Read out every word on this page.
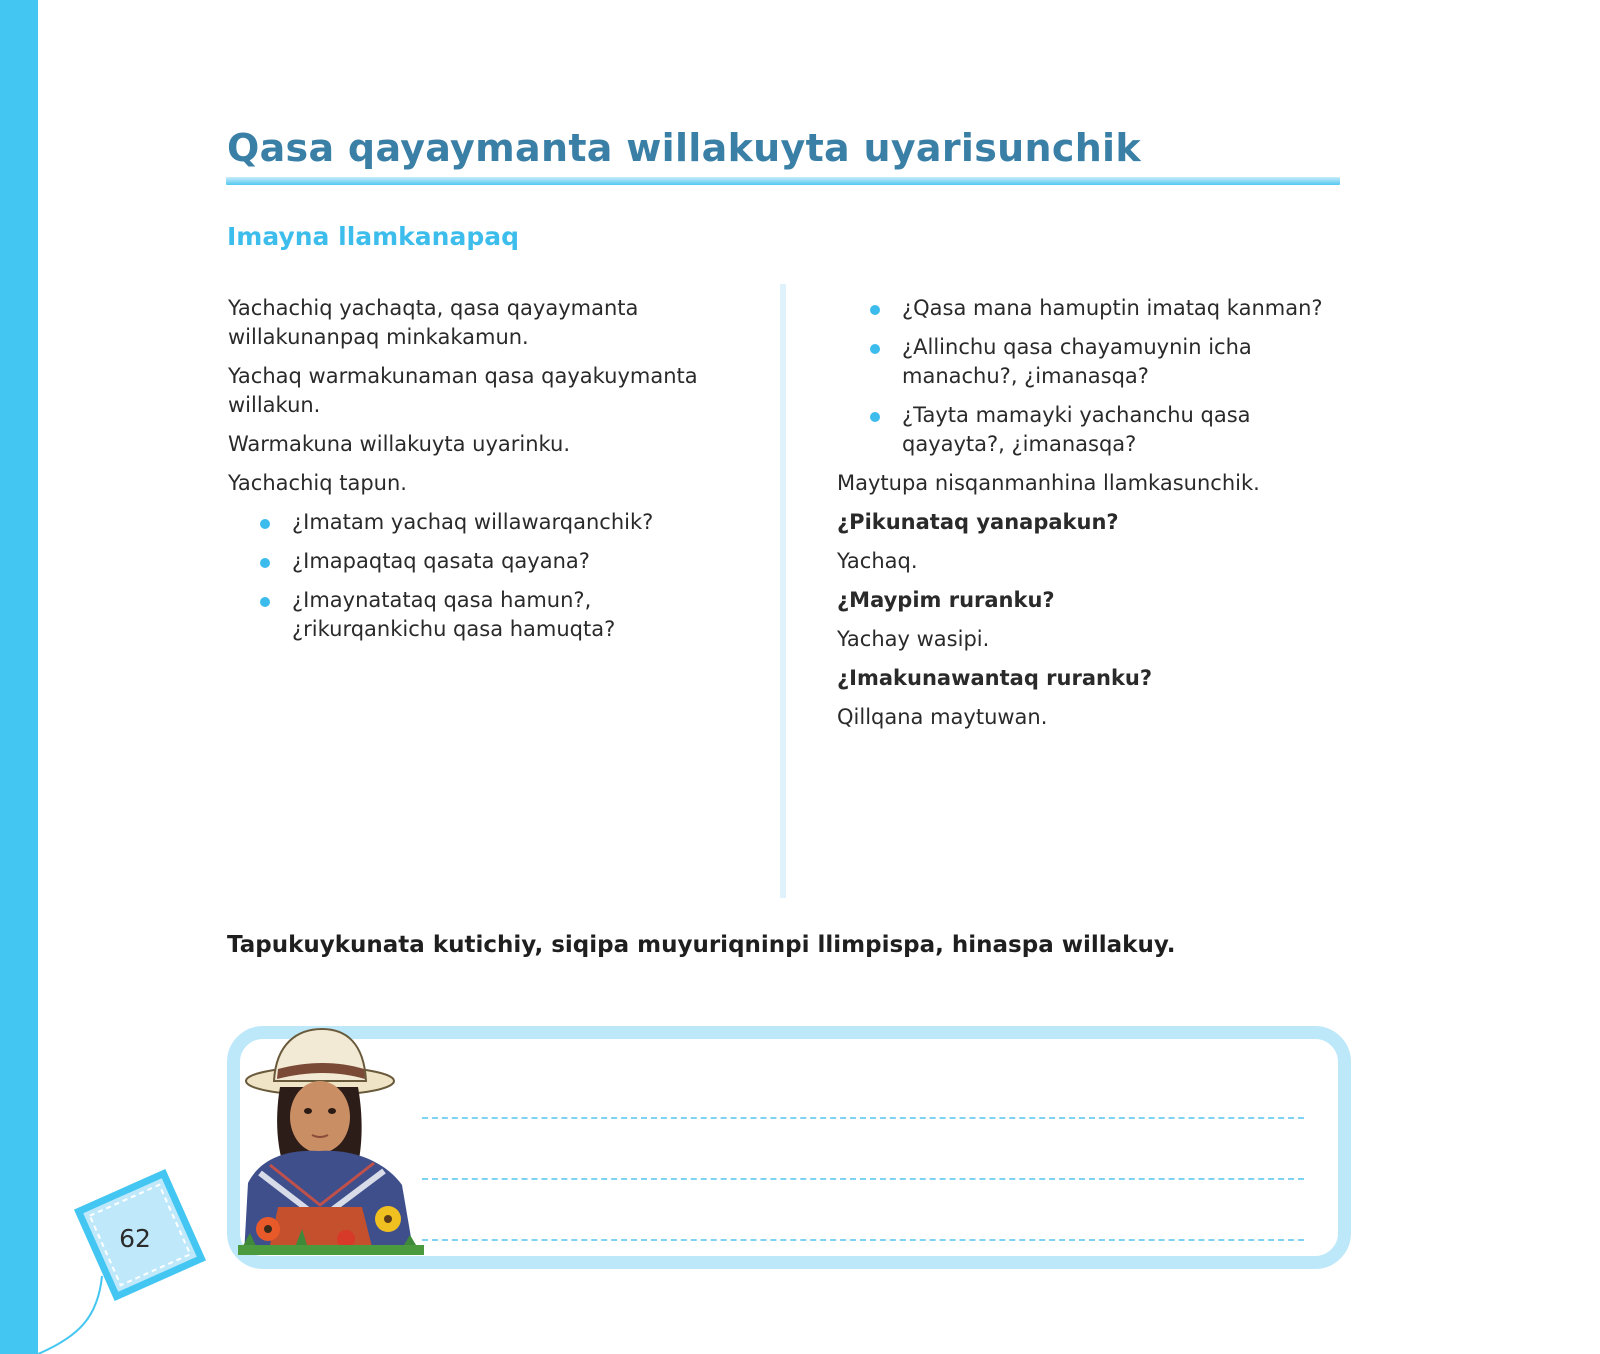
Qasa qayaymanta willakuyta uyarisunchik
Imayna llamkanapaq

Yachachiq yachaqta, qasa qayaymanta willakunanpaq minkakamun.

Yachaq warmakunaman qasa qayakuymanta willakun.

Warmakuna willakuyta uyarinku.

Yachachiq tapun.

¿Imatam yachaq willawarqanchik?
¿Imapaqtaq qasata qayana?
¿Imaynatataq qasa hamun?, ¿rikurqankichu qasa hamuqta?
¿Qasa mana hamuptin imataq kanman?
¿Allinchu qasa chayamuynin icha manachu?, ¿imanasqa?
¿Tayta mamayki yachanchu qasa qayayta?, ¿imanasqa?

Maytupa nisqanmanhina llamkasunchik.

¿Pikunataq yanapakun?

Yachaq.

¿Maypim ruranku?

Yachay wasipi.

¿Imakunawantaq ruranku?

Qillqana maytuwan.

Tapukuykunata kutichiy, siqipa muyuriqninpi llimpispa, hinaspa willakuy.

62
